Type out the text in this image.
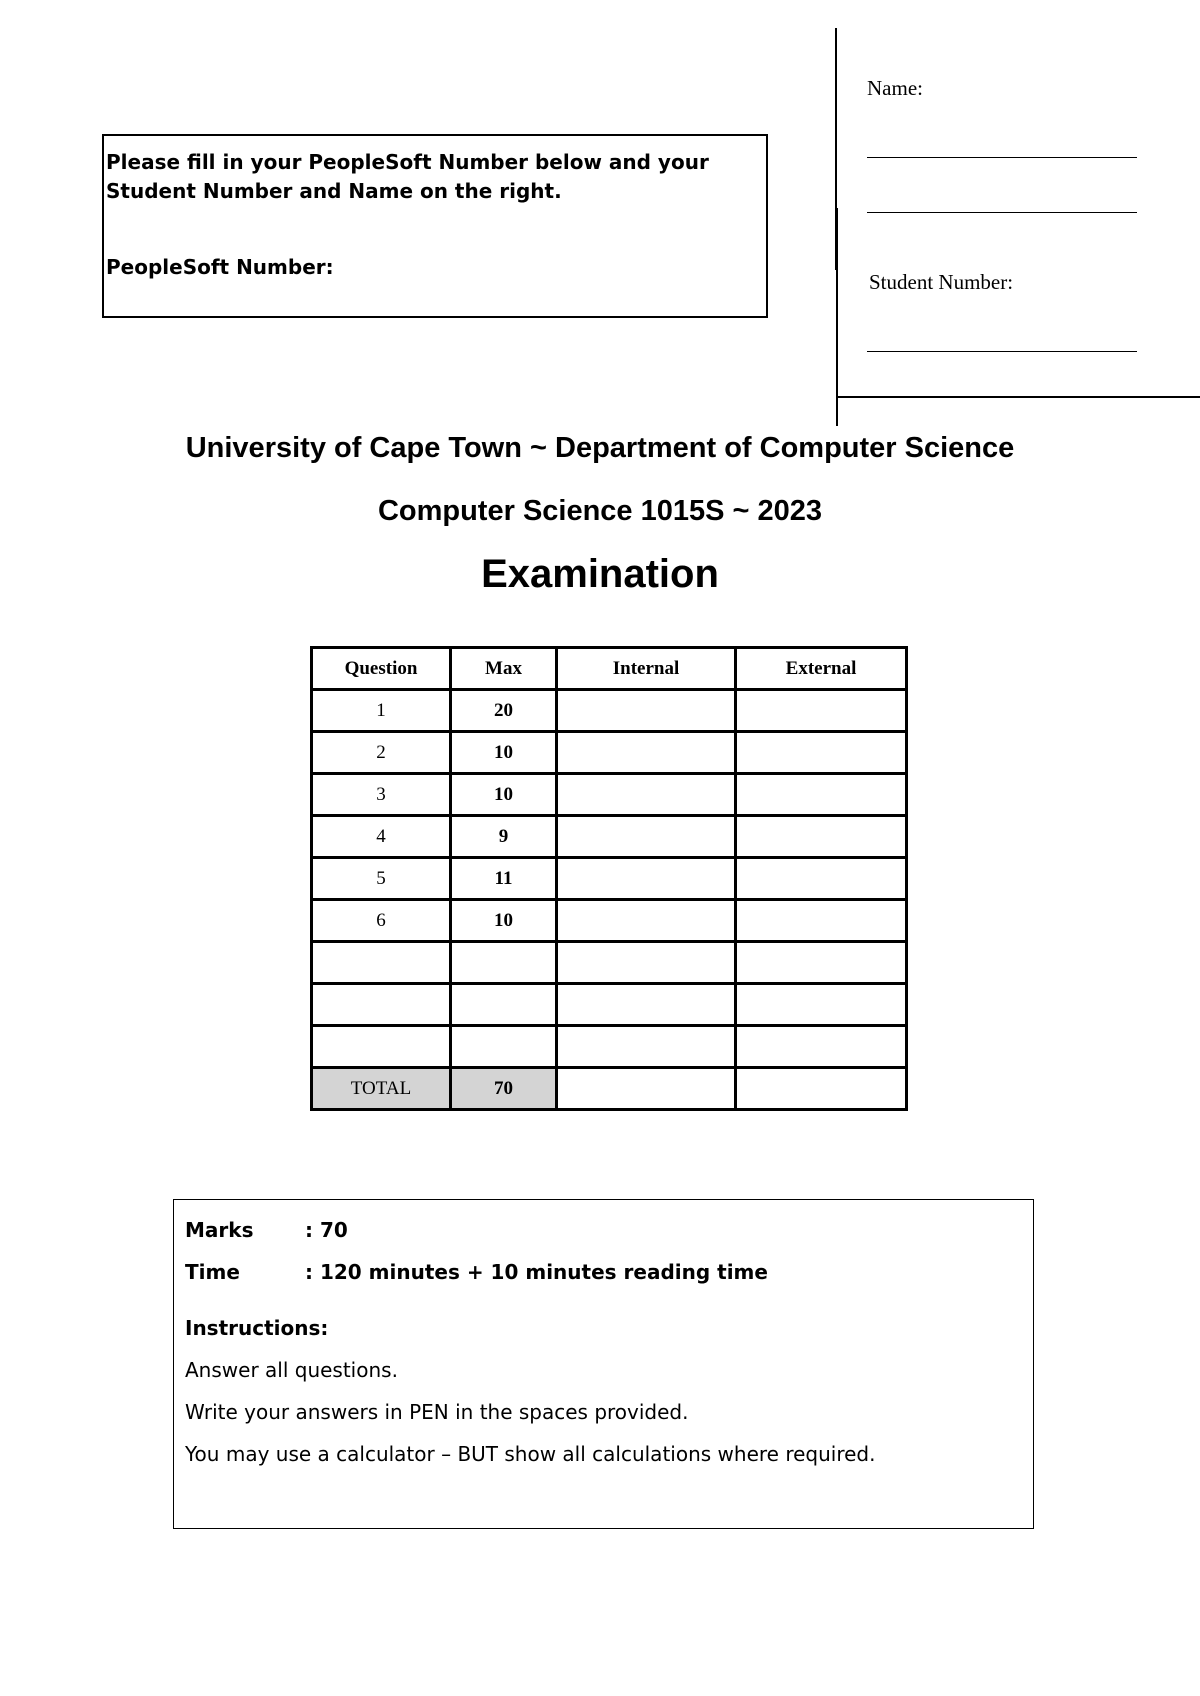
Please fill in your PeopleSoft Number below and your Student Number and Name on the right.
PeopleSoft Number:
Name:
Student Number:
University of Cape Town ~ Department of Computer Science
Computer Science 1015S ~ 2023
Examination
Question	Max	Internal	External
1	20		
2	10		
3	10		
4	9		
5	11		
6	10		

TOTAL	70		
Marks	: 70
Time	: 120 minutes + 10 minutes reading time
Instructions:
Answer all questions.
Write your answers in PEN in the spaces provided.
You may use a calculator – BUT show all calculations where required.
